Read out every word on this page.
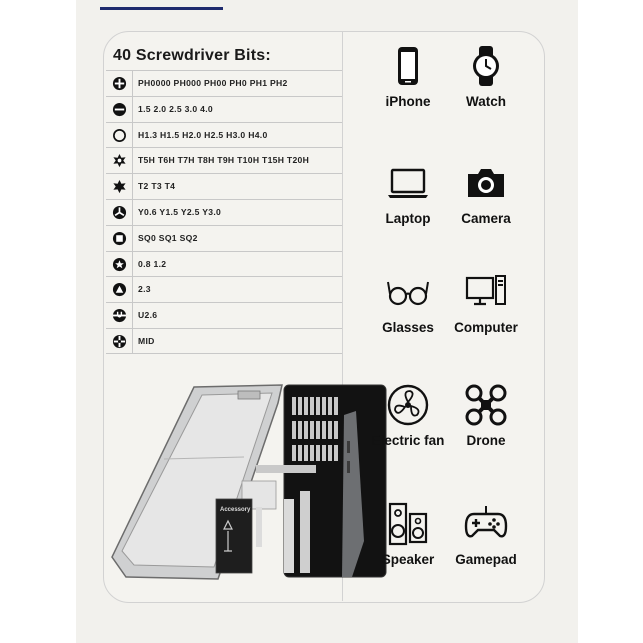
40 Screwdriver Bits:
PH0000 PH000 PH00 PH0 PH1 PH2
1.5 2.0 2.5 3.0 4.0
H1.3 H1.5 H2.0 H2.5 H3.0 H4.0
T5H T6H T7H T8H T9H T10H T15H T20H
T2 T3 T4
Y0.6 Y1.5 Y2.5 Y3.0
SQ0 SQ1 SQ2
0.8 1.2
2.3
U2.6
MID
Accessory
iPhone	Watch
Laptop	Camera
Glasses	Computer
Electric fan	Drone
Speaker	Gamepad
